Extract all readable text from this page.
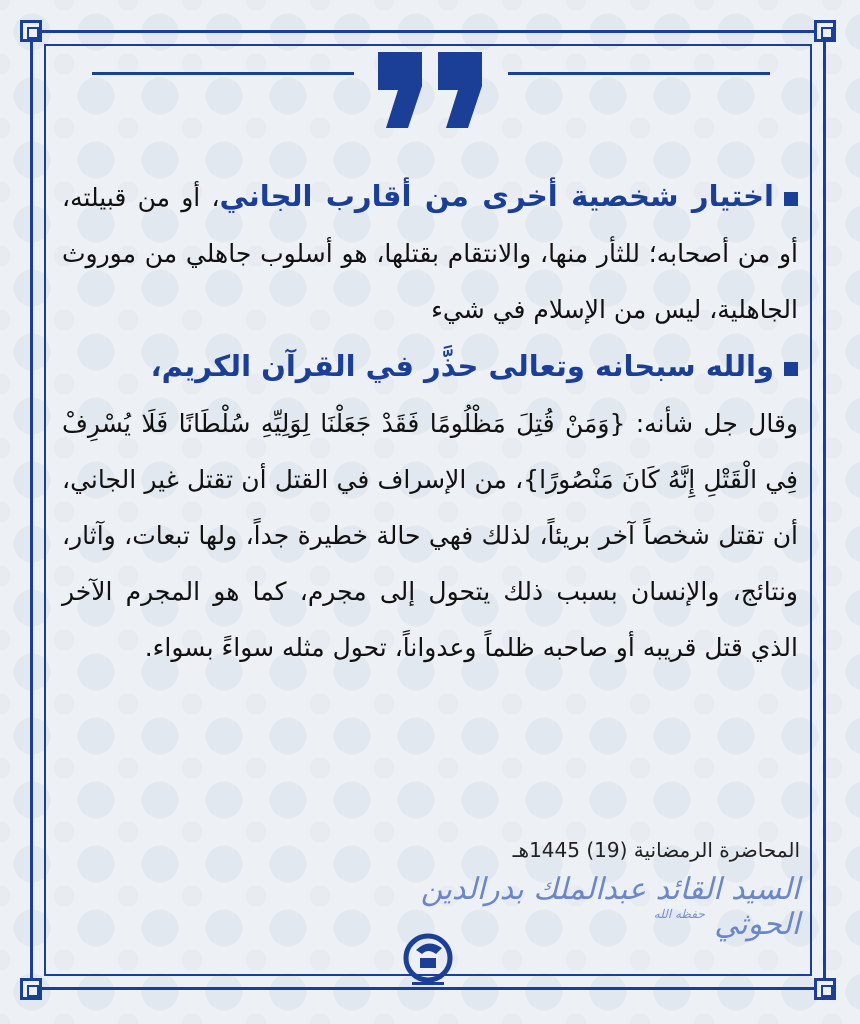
اختيار شخصية أخرى من أقارب الجاني، أو من قبيلته، أو من أصحابه؛ للثأر منها، والانتقام بقتلها، هو أسلوب جاهلي من موروث الجاهلية، ليس من الإسلام في شيء

والله سبحانه وتعالى حذَّر في القرآن الكريم،
وقال جل شأنه: {وَمَنْ قُتِلَ مَظْلُومًا فَقَدْ جَعَلْنَا لِوَلِيِّهِ سُلْطَانًا فَلَا يُسْرِفْ فِي الْقَتْلِ إِنَّهُ كَانَ مَنْصُورًا}، من الإسراف في القتل أن تقتل غير الجاني، أن تقتل شخصاً آخر بريئاً، لذلك فهي حالة خطيرة جداً، ولها تبعات، وآثار، ونتائج، والإنسان بسبب ذلك يتحول إلى مجرم، كما هو المجرم الآخر الذي قتل قريبه أو صاحبه ظلماً وعدواناً، تحول مثله سواءً بسواء.

المحاضرة الرمضانية (19) 1445هـ
السيد القائد عبدالملك بدرالدين الحوثي $^{حفظه الله}$
